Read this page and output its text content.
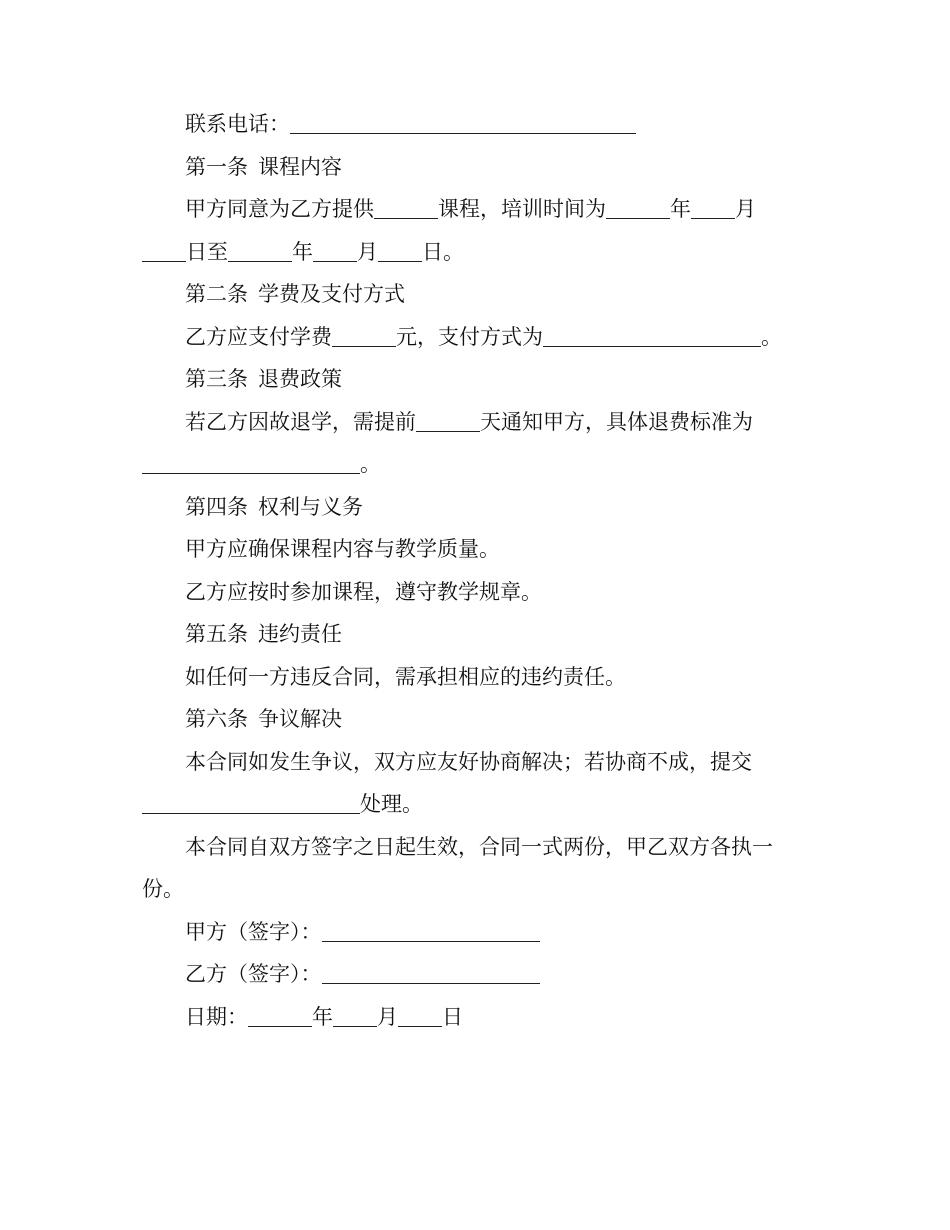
联系电话：
第一条 课程内容
甲方同意为乙方提供	课程，培训时间为	年 月
日至	年 月 日。
第二条 学费及支付方式
乙方应支付学费	元，支付方式为	。
第三条 退费政策
若乙方因故退学，需提前	天通知甲方，具体退费标准为
。
第四条 权利与义务
甲方应确保课程内容与教学质量。
乙方应按时参加课程，遵守教学规章。
第五条 违约责任
如任何一方违反合同，需承担相应的违约责任。
第六条 争议解决
本合同如发生争议，双方应友好协商解决；若协商不成，提交
处理。
本合同自双方签字之日起生效，合同一式两份，甲乙双方各执一
份。
甲方（签字）：
乙方（签字）：
日期：	年 月 日
